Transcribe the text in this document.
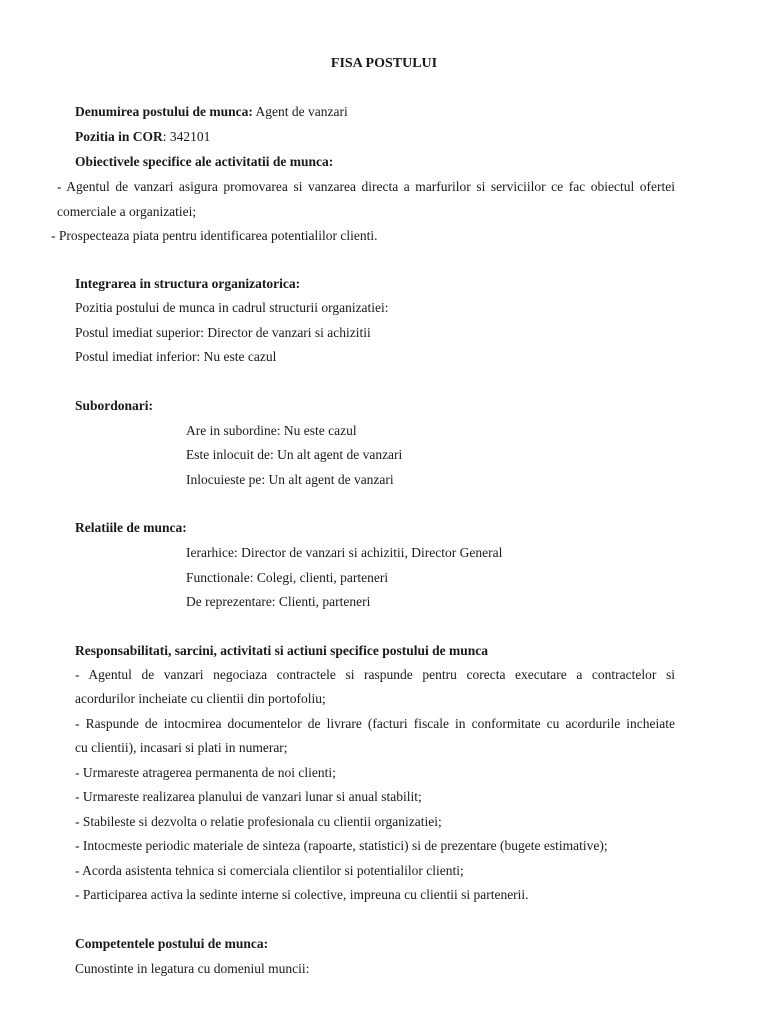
FISA POSTULUI
Denumirea postului de munca: Agent de vanzari
Pozitia in COR: 342101
Obiectivele specifice ale activitatii de munca:
- Agentul de vanzari asigura promovarea si vanzarea directa a marfurilor si serviciilor ce fac obiectul ofertei
comerciale a organizatiei;
- Prospecteaza piata pentru identificarea potentialilor clienti.
Integrarea in structura organizatorica:
Pozitia postului de munca in cadrul structurii organizatiei:
Postul imediat superior: Director de vanzari si achizitii
Postul imediat inferior: Nu este cazul
Subordonari:
Are in subordine: Nu este cazul
Este inlocuit de: Un alt agent de vanzari
Inlocuieste pe: Un alt agent de vanzari
Relatiile de munca:
Ierarhice: Director de vanzari si achizitii, Director General
Functionale: Colegi, clienti, parteneri
De reprezentare: Clienti, parteneri
Responsabilitati, sarcini, activitati si actiuni specifice postului de munca
- Agentul de vanzari negociaza contractele si raspunde pentru corecta executare a contractelor si
acordurilor incheiate cu clientii din portofoliu;
- Raspunde de intocmirea documentelor de livrare (facturi fiscale in conformitate cu acordurile incheiate
cu clientii), incasari si plati in numerar;
- Urmareste atragerea permanenta de noi clienti;
- Urmareste realizarea planului de vanzari lunar si anual stabilit;
- Stabileste si dezvolta o relatie profesionala cu clientii organizatiei;
- Intocmeste periodic materiale de sinteza (rapoarte, statistici) si de prezentare (bugete estimative);
- Acorda asistenta tehnica si comerciala clientilor si potentialilor clienti;
- Participarea activa la sedinte interne si colective, impreuna cu clientii si partenerii.
Competentele postului de munca:
Cunostinte in legatura cu domeniul muncii:
